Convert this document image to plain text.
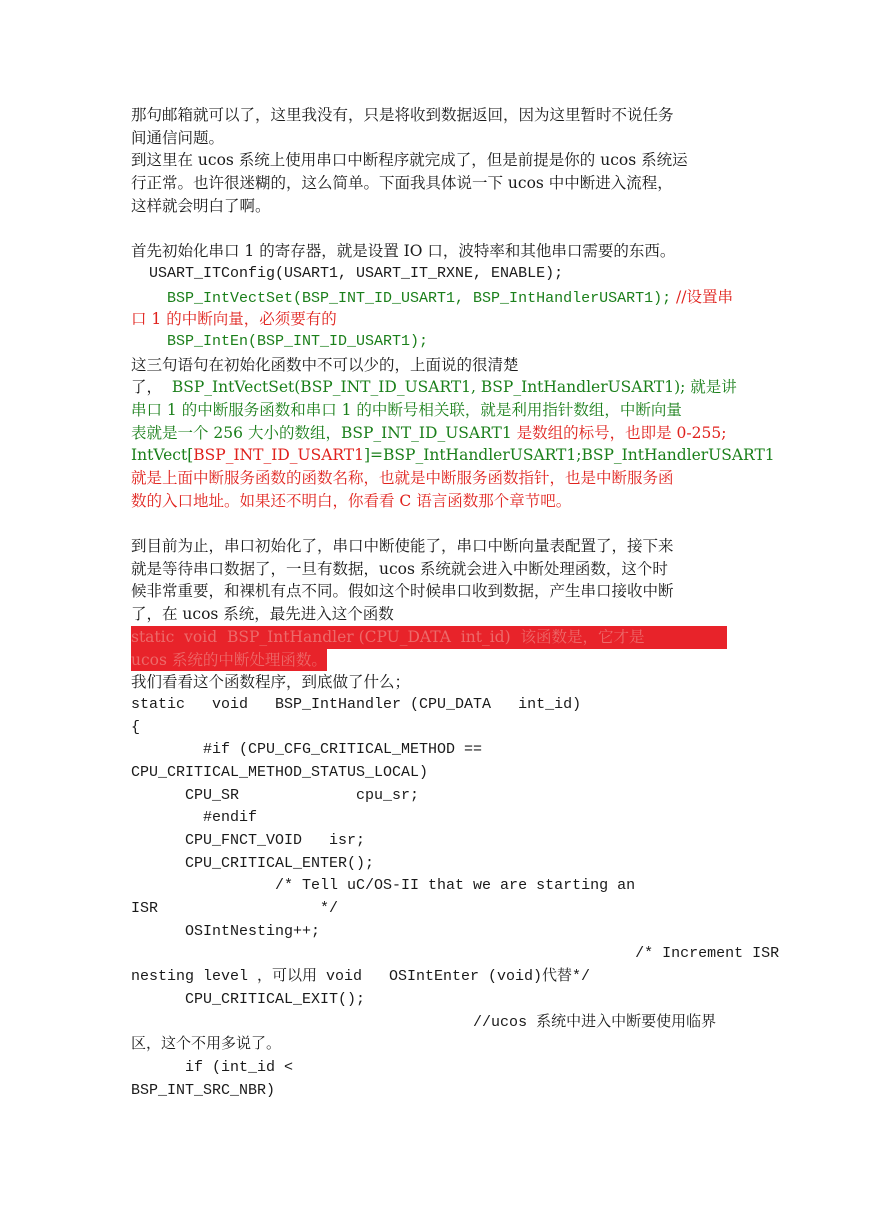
那句邮箱就可以了，这里我没有，只是将收到数据返回，因为这里暂时不说任务
间通信问题。
到这里在 ucos 系统上使用串口中断程序就完成了，但是前提是你的 ucos 系统运
行正常。也许很迷糊的，这么简单。下面我具体说一下 ucos 中中断进入流程，
这样就会明白了啊。
首先初始化串口 1 的寄存器，就是设置 IO 口，波特率和其他串口需要的东西。
USART_ITConfig(USART1, USART_IT_RXNE, ENABLE);
BSP_IntVectSet(BSP_INT_ID_USART1, BSP_IntHandlerUSART1); //设置串
口 1 的中断向量，必须要有的
BSP_IntEn(BSP_INT_ID_USART1);
这三句语句在初始化函数中不可以少的，上面说的很清楚
了，  BSP_IntVectSet(BSP_INT_ID_USART1, BSP_IntHandlerUSART1); 就是讲
串口 1 的中断服务函数和串口 1 的中断号相关联，就是利用指针数组，中断向量
表就是一个 256 大小的数组，BSP_INT_ID_USART1 是数组的标号，也即是 0-255;
IntVect[BSP_INT_ID_USART1]=BSP_IntHandlerUSART1;BSP_IntHandlerUSART1
就是上面中断服务函数的函数名称，也就是中断服务函数指针，也是中断服务函
数的入口地址。如果还不明白，你看看 C 语言函数那个章节吧。
到目前为止，串口初始化了，串口中断使能了，串口中断向量表配置了，接下来
就是等待串口数据了，一旦有数据，ucos 系统就会进入中断处理函数，这个时
候非常重要，和裸机有点不同。假如这个时候串口收到数据，产生串口接收中断
了，在 ucos 系统，最先进入这个函数
static  void  BSP_IntHandler (CPU_DATA  int_id)  该函数是，它才是
ucos 系统的中断处理函数。
我们看看这个函数程序，到底做了什么；
static   void   BSP_IntHandler (CPU_DATA   int_id)
{
#if (CPU_CFG_CRITICAL_METHOD ==
CPU_CRITICAL_METHOD_STATUS_LOCAL)
CPU_SR             cpu_sr;
#endif
CPU_FNCT_VOID   isr;
CPU_CRITICAL_ENTER();
/* Tell uC/OS-II that we are starting an
ISR                  */
OSIntNesting++;
/* Increment ISR
nesting level ，可以用 void   OSIntEnter (void)代替*/
CPU_CRITICAL_EXIT();
//ucos 系统中进入中断要使用临界
区，这个不用多说了。
if (int_id <
BSP_INT_SRC_NBR)
